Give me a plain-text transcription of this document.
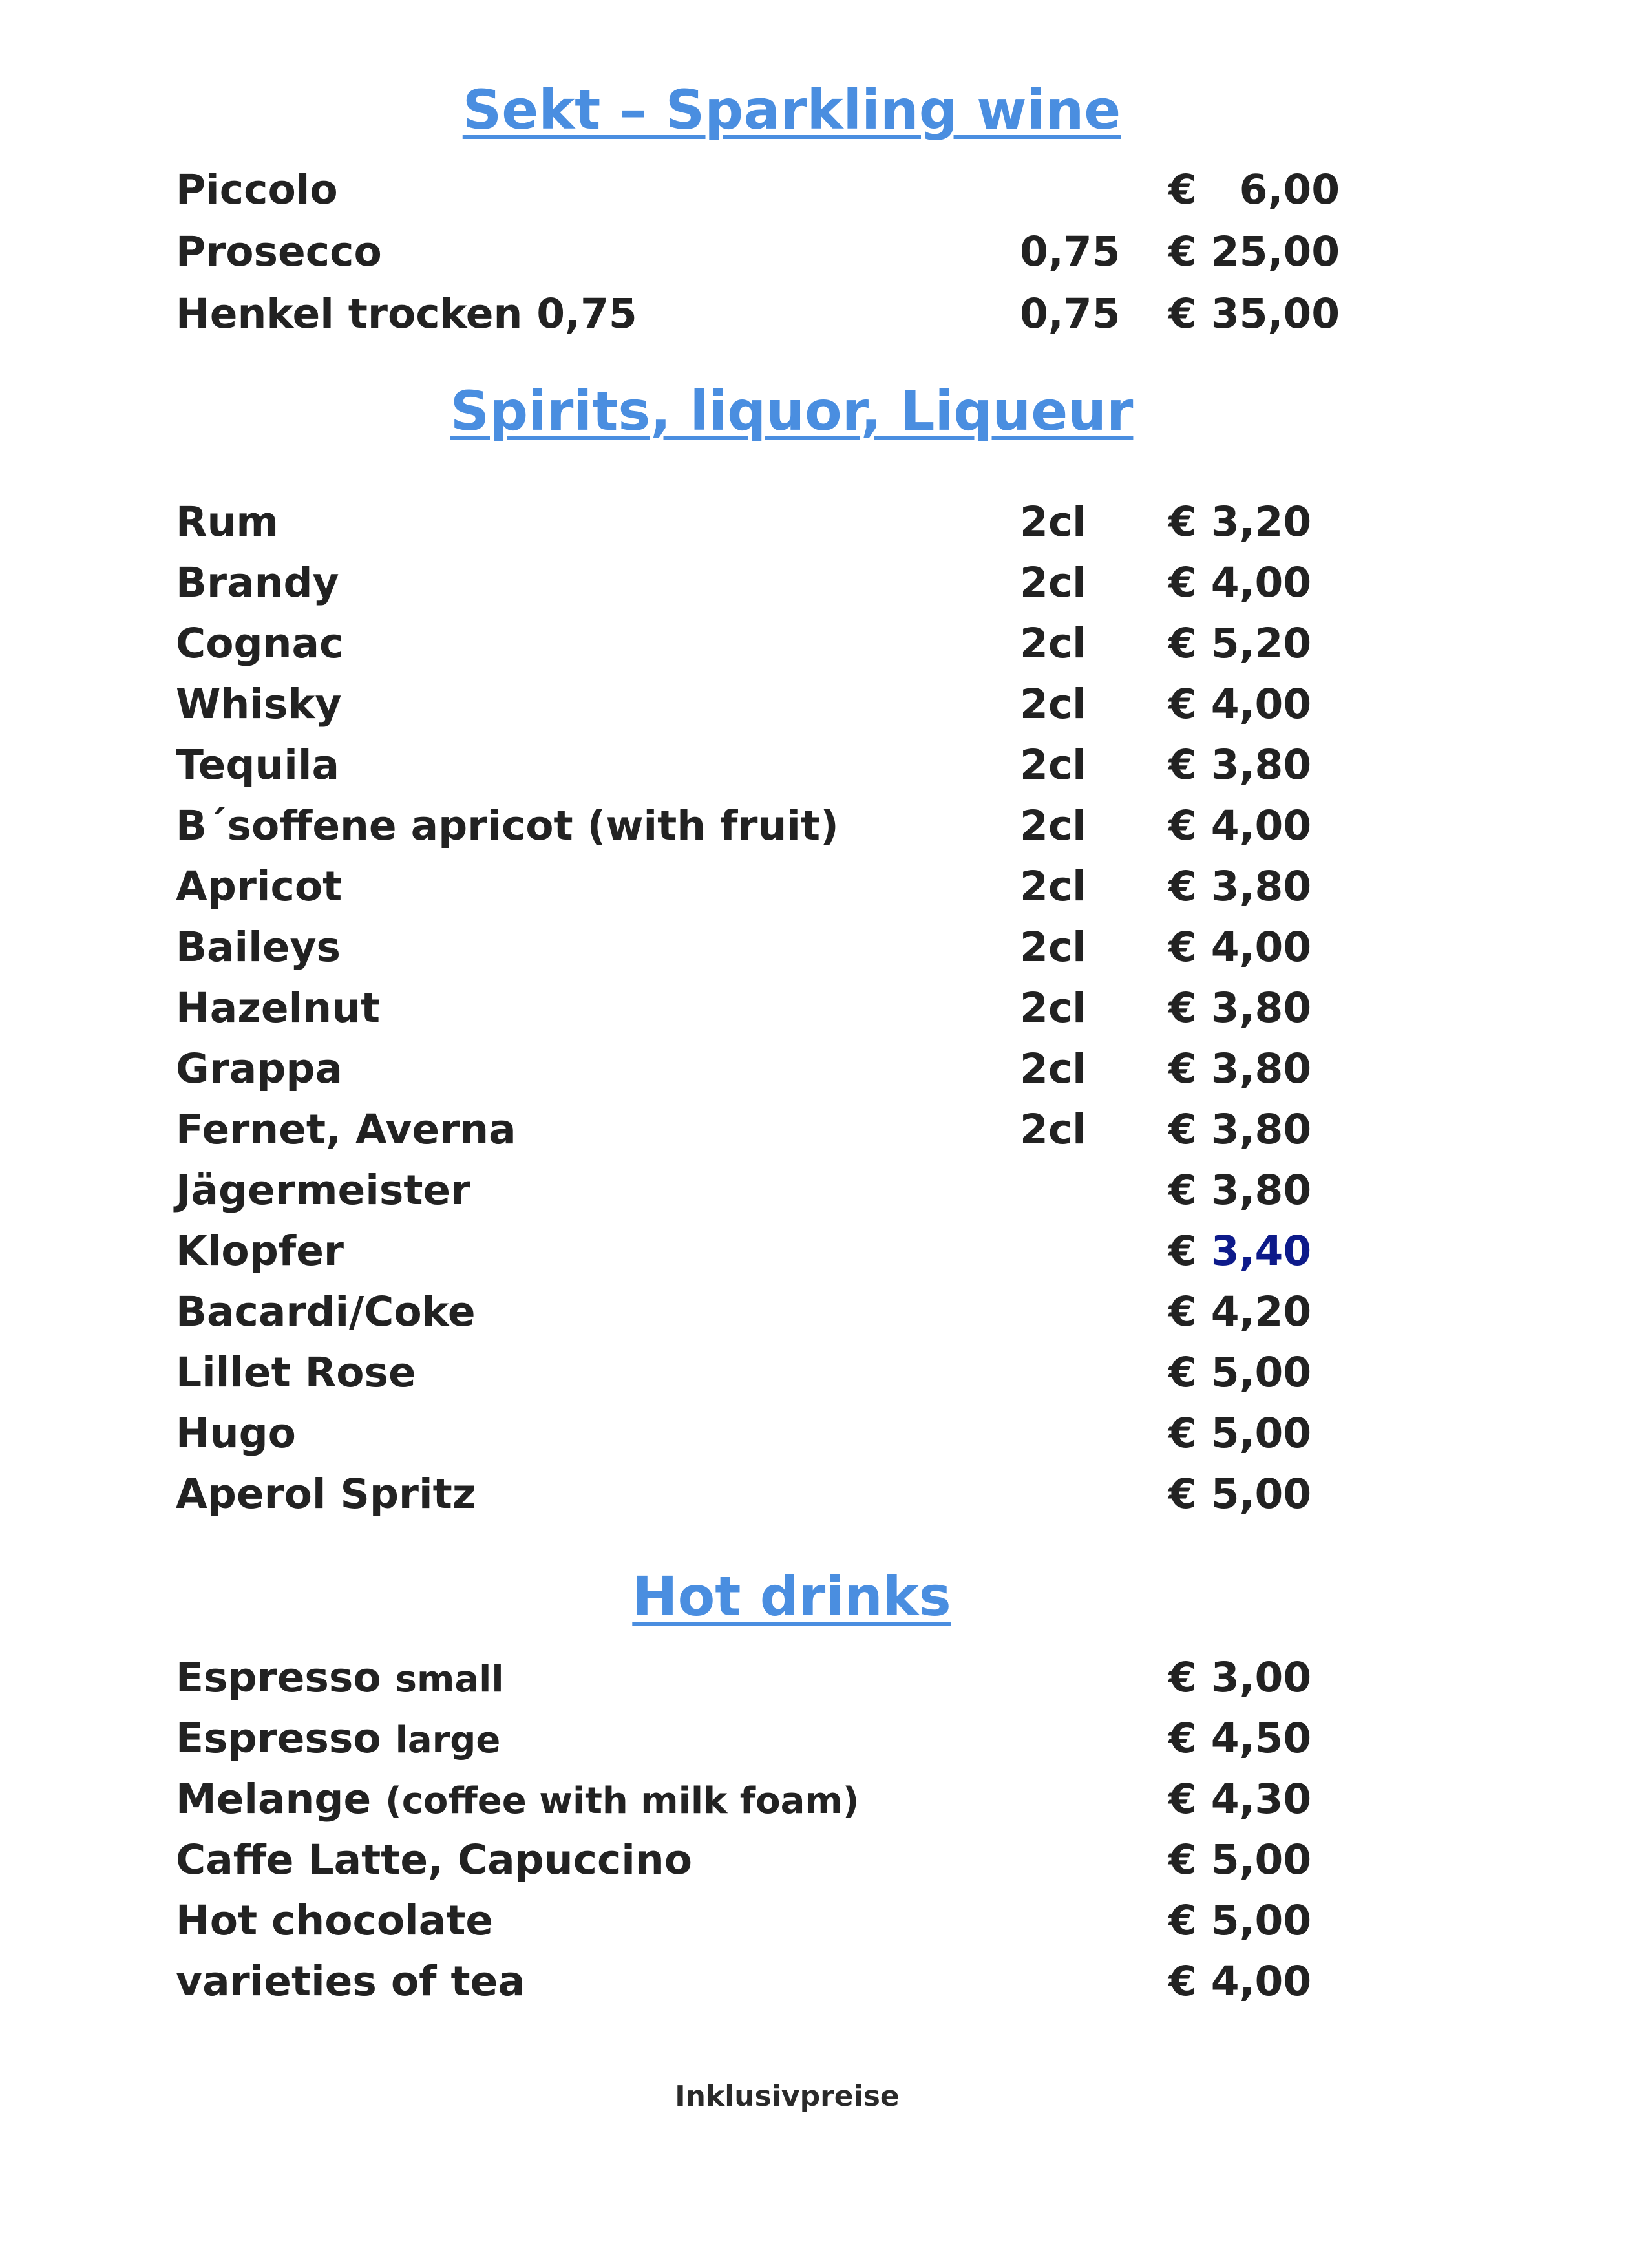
Sekt – Sparkling wine
Piccolo	€   6,00
Prosecco	0,75 € 25,00
Henkel trocken 0,75	0,75 € 35,00
Spirits, liquor, Liqueur
Rum	2cl € 3,20
Brandy	2cl € 4,00
Cognac	2cl € 5,20
Whisky	2cl € 4,00
Tequila	2cl € 3,80
B´soffene apricot (with fruit)	2cl € 4,00
Apricot	2cl € 3,80
Baileys	2cl € 4,00
Hazelnut	2cl € 3,80
Grappa	2cl € 3,80
Fernet, Averna	2cl € 3,80
Jägermeister	€ 3,80
Klopfer	€ 3,40
Bacardi/Coke	€ 4,20
Lillet Rose	€ 5,00
Hugo	€ 5,00
Aperol Spritz	€ 5,00
Hot drinks
Espresso small	€ 3,00
Espresso large	€ 4,50
Melange (coffee with milk foam)	€ 4,30
Caffe Latte, Capuccino	€ 5,00
Hot chocolate	€ 5,00
varieties of tea	€ 4,00
Inklusivpreise
